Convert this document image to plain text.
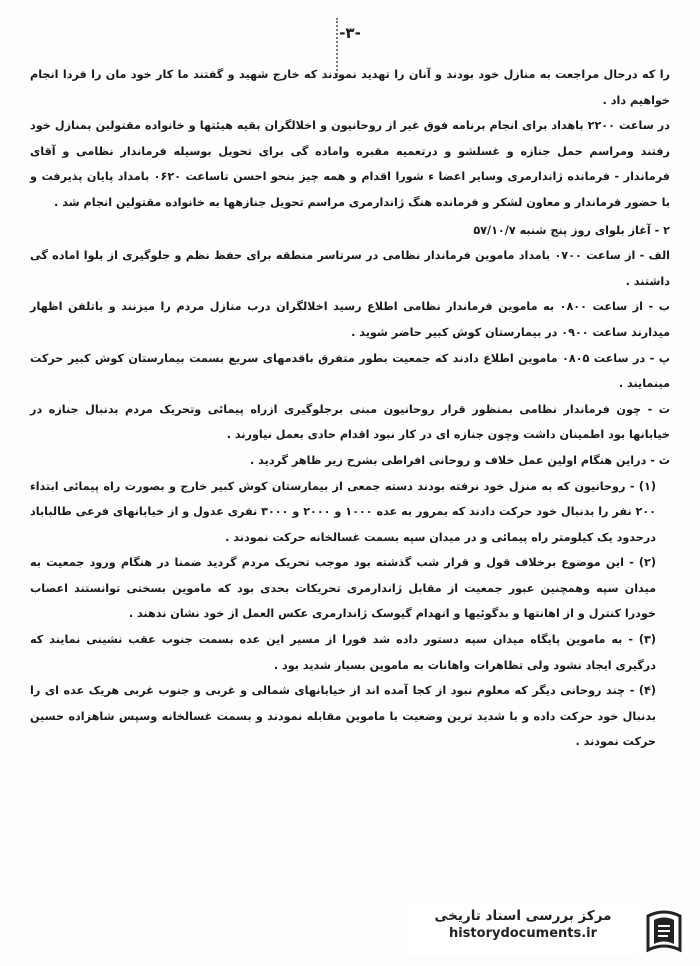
-٣-

را که درحال مراجعت به منازل خود بودند و آنان را تهدید نمودند که خارج شهید و گفتند ما کار خود مان را فردا انجام خواهیم داد .

در ساعت ۲۲۰۰ باهداد برای انجام برنامه فوق غیر از روحانیون و اخلالگران بقیه هیئتها و خانواده مقتولین بمنازل خود رفتند ومراسم حمل جنازه و غسلشو و درتعمیه مقبره واماده گی برای تحویل بوسیله فرماندار نظامی و آقای فرماندار - فرمانده ژاندارمری وسایر اعضا ء شورا اقدام و همه چیز بنحو احسن تاساعت ۰۶۲۰ بامداد پایان پذیرفت و با حضور فرماندار و معاون لشکر و فرمانده هنگ ژاندارمری مراسم تحویل جنازهها به خانواده مقتولین انجام شد .

۲ - آغاز بلوای روز پنج شنبه ۵۷/۱۰/۷

الف - از ساعت ۰۷۰۰ بامداد ماموین فرماندار نظامی در سرتاسر منطقه برای حفظ نظم و جلوگیری از بلوا اماده گی داشتند .

ب - از ساعت ۰۸۰۰ به ماموین فرماندار نظامی اطلاع رسید اخلالگران درب منازل مردم را میزنند و باتلفن اظهار میدارند ساعت ۰۹۰۰ در بیمارستان کوش کبیر حاضر شوید .

پ - در ساعت ۰۸۰۵ ماموین اطلاع دادند که جمعیت بطور متفرق باقدمهای سریع بسمت بیمارستان کوش کبیر حرکت مینمایند .

ت - چون فرماندار نظامی بمنظور قرار روحانیون مبنی برجلوگیری ازراه پیمائی وتحریک مردم بدنبال جنازه در خیابانها بود اطمینان داشت وچون جنازه ای در کار نبود اقدام حادی بعمل نیاورند .

ث - دراین هنگام اولین عمل خلاف و روحانی افراطی بشرح زیر ظاهر گردید .

(۱) - روحانیون که به منزل خود نرفته بودند دسته جمعی از بیمارستان کوش کبیر خارج و بصورت راه پیمائی ابتداء ۲۰۰ نفر را بدنبال خود حرکت دادند که بمرور به عده ۱۰۰۰ و ۲۰۰۰ و ۳۰۰۰ نفری عدول و از خیابانهای فرعی طالباباد درحدود یک کیلومتر راه پیمائی و در میدان سپه بسمت غسالخانه حرکت نمودند .

(۲) - این موضوع برخلاف قول و قرار شب گذشته بود موجب تحریک مردم گردید ضمنا در هنگام ورود جمعیت به میدان سپه وهمچنین عبور جمعیت از مقابل ژاندارمری تحریکات بحدی بود که ماموین بسختی توانستند اعصاب خودرا کنترل و از اهانتها و بدگوئیها و انهدام گیوسک ژاندارمری عکس العمل از خود نشان ندهند .

(۳) - به ماموین پایگاه میدان سپه دستور داده شد فورا از مسیر این عده بسمت جنوب عقب نشینی نمایند که درگیری ایجاد نشود ولی تظاهرات واهانات به ماموین بسیار شدید بود .

(۴) - چند روحانی دیگر که معلوم نبود از کجا آمده اند از خیابانهای شمالی و غربی و جنوب غربی هریک عده ای را بدنبال خود حرکت داده و با شدید ترین وضعیت با ماموین مقابله نمودند و بسمت غسالخانه وسپس شاهزاده حسین حرکت نمودند .

مرکز بررسی اسناد تاریخی
historydocuments.ir
